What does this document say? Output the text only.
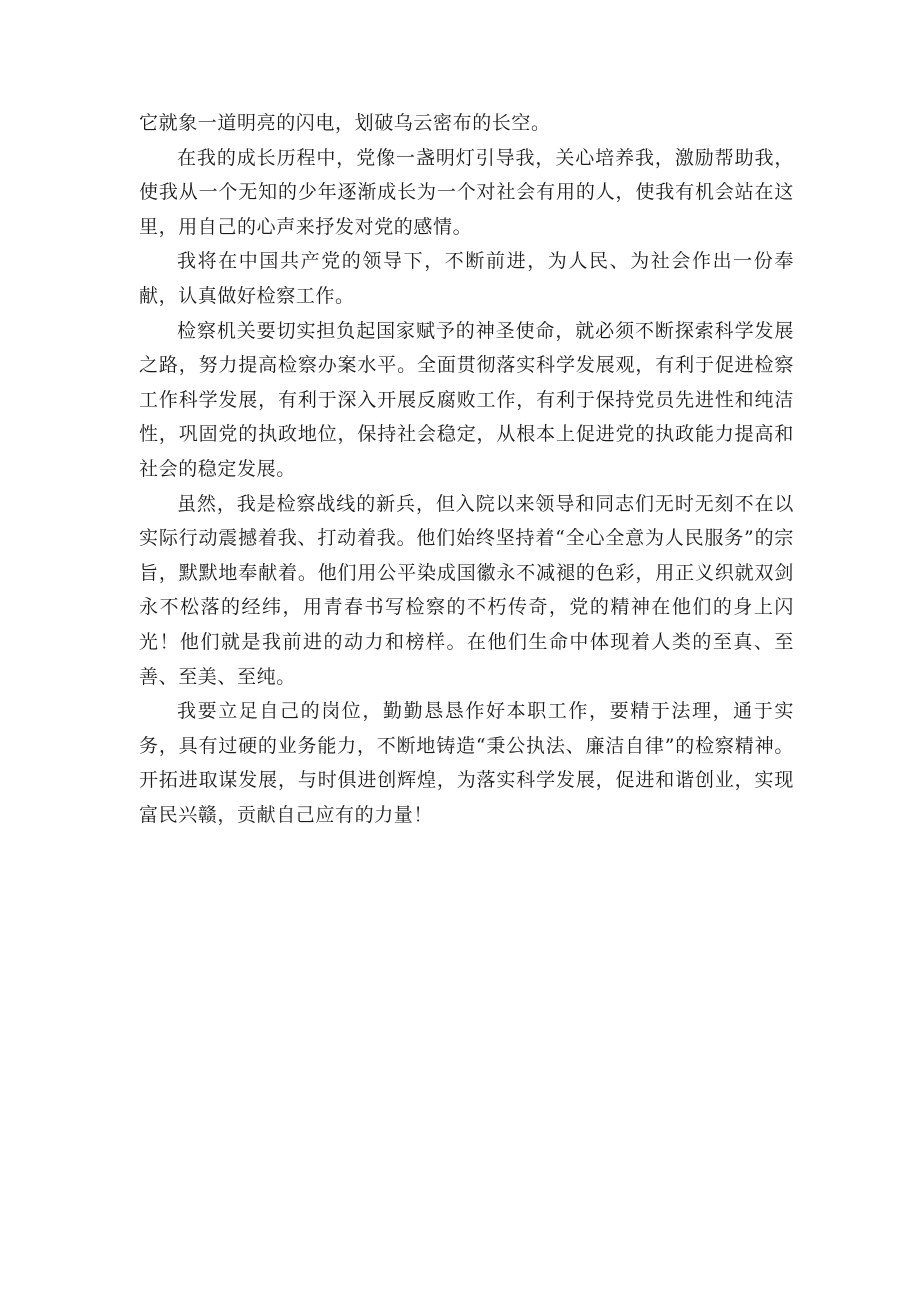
它就象一道明亮的闪电，划破乌云密布的长空。

在我的成长历程中，党像一盏明灯引导我，关心培养我，激励帮助我，使我从一个无知的少年逐渐成长为一个对社会有用的人，使我有机会站在这里，用自己的心声来抒发对党的感情。

我将在中国共产党的领导下，不断前进，为人民、为社会作出一份奉献，认真做好检察工作。

检察机关要切实担负起国家赋予的神圣使命，就必须不断探索科学发展之路，努力提高检察办案水平。全面贯彻落实科学发展观，有利于促进检察工作科学发展，有利于深入开展反腐败工作，有利于保持党员先进性和纯洁性，巩固党的执政地位，保持社会稳定，从根本上促进党的执政能力提高和社会的稳定发展。

虽然，我是检察战线的新兵，但入院以来领导和同志们无时无刻不在以实际行动震撼着我、打动着我。他们始终坚持着“全心全意为人民服务”的宗旨，默默地奉献着。他们用公平染成国徽永不减褪的色彩，用正义织就双剑永不松落的经纬，用青春书写检察的不朽传奇，党的精神在他们的身上闪光！他们就是我前进的动力和榜样。在他们生命中体现着人类的至真、至善、至美、至纯。

我要立足自己的岗位，勤勤恳恳作好本职工作，要精于法理，通于实务，具有过硬的业务能力，不断地铸造“秉公执法、廉洁自律”的检察精神。开拓进取谋发展，与时俱进创辉煌，为落实科学发展，促进和谐创业，实现富民兴赣，贡献自己应有的力量！
